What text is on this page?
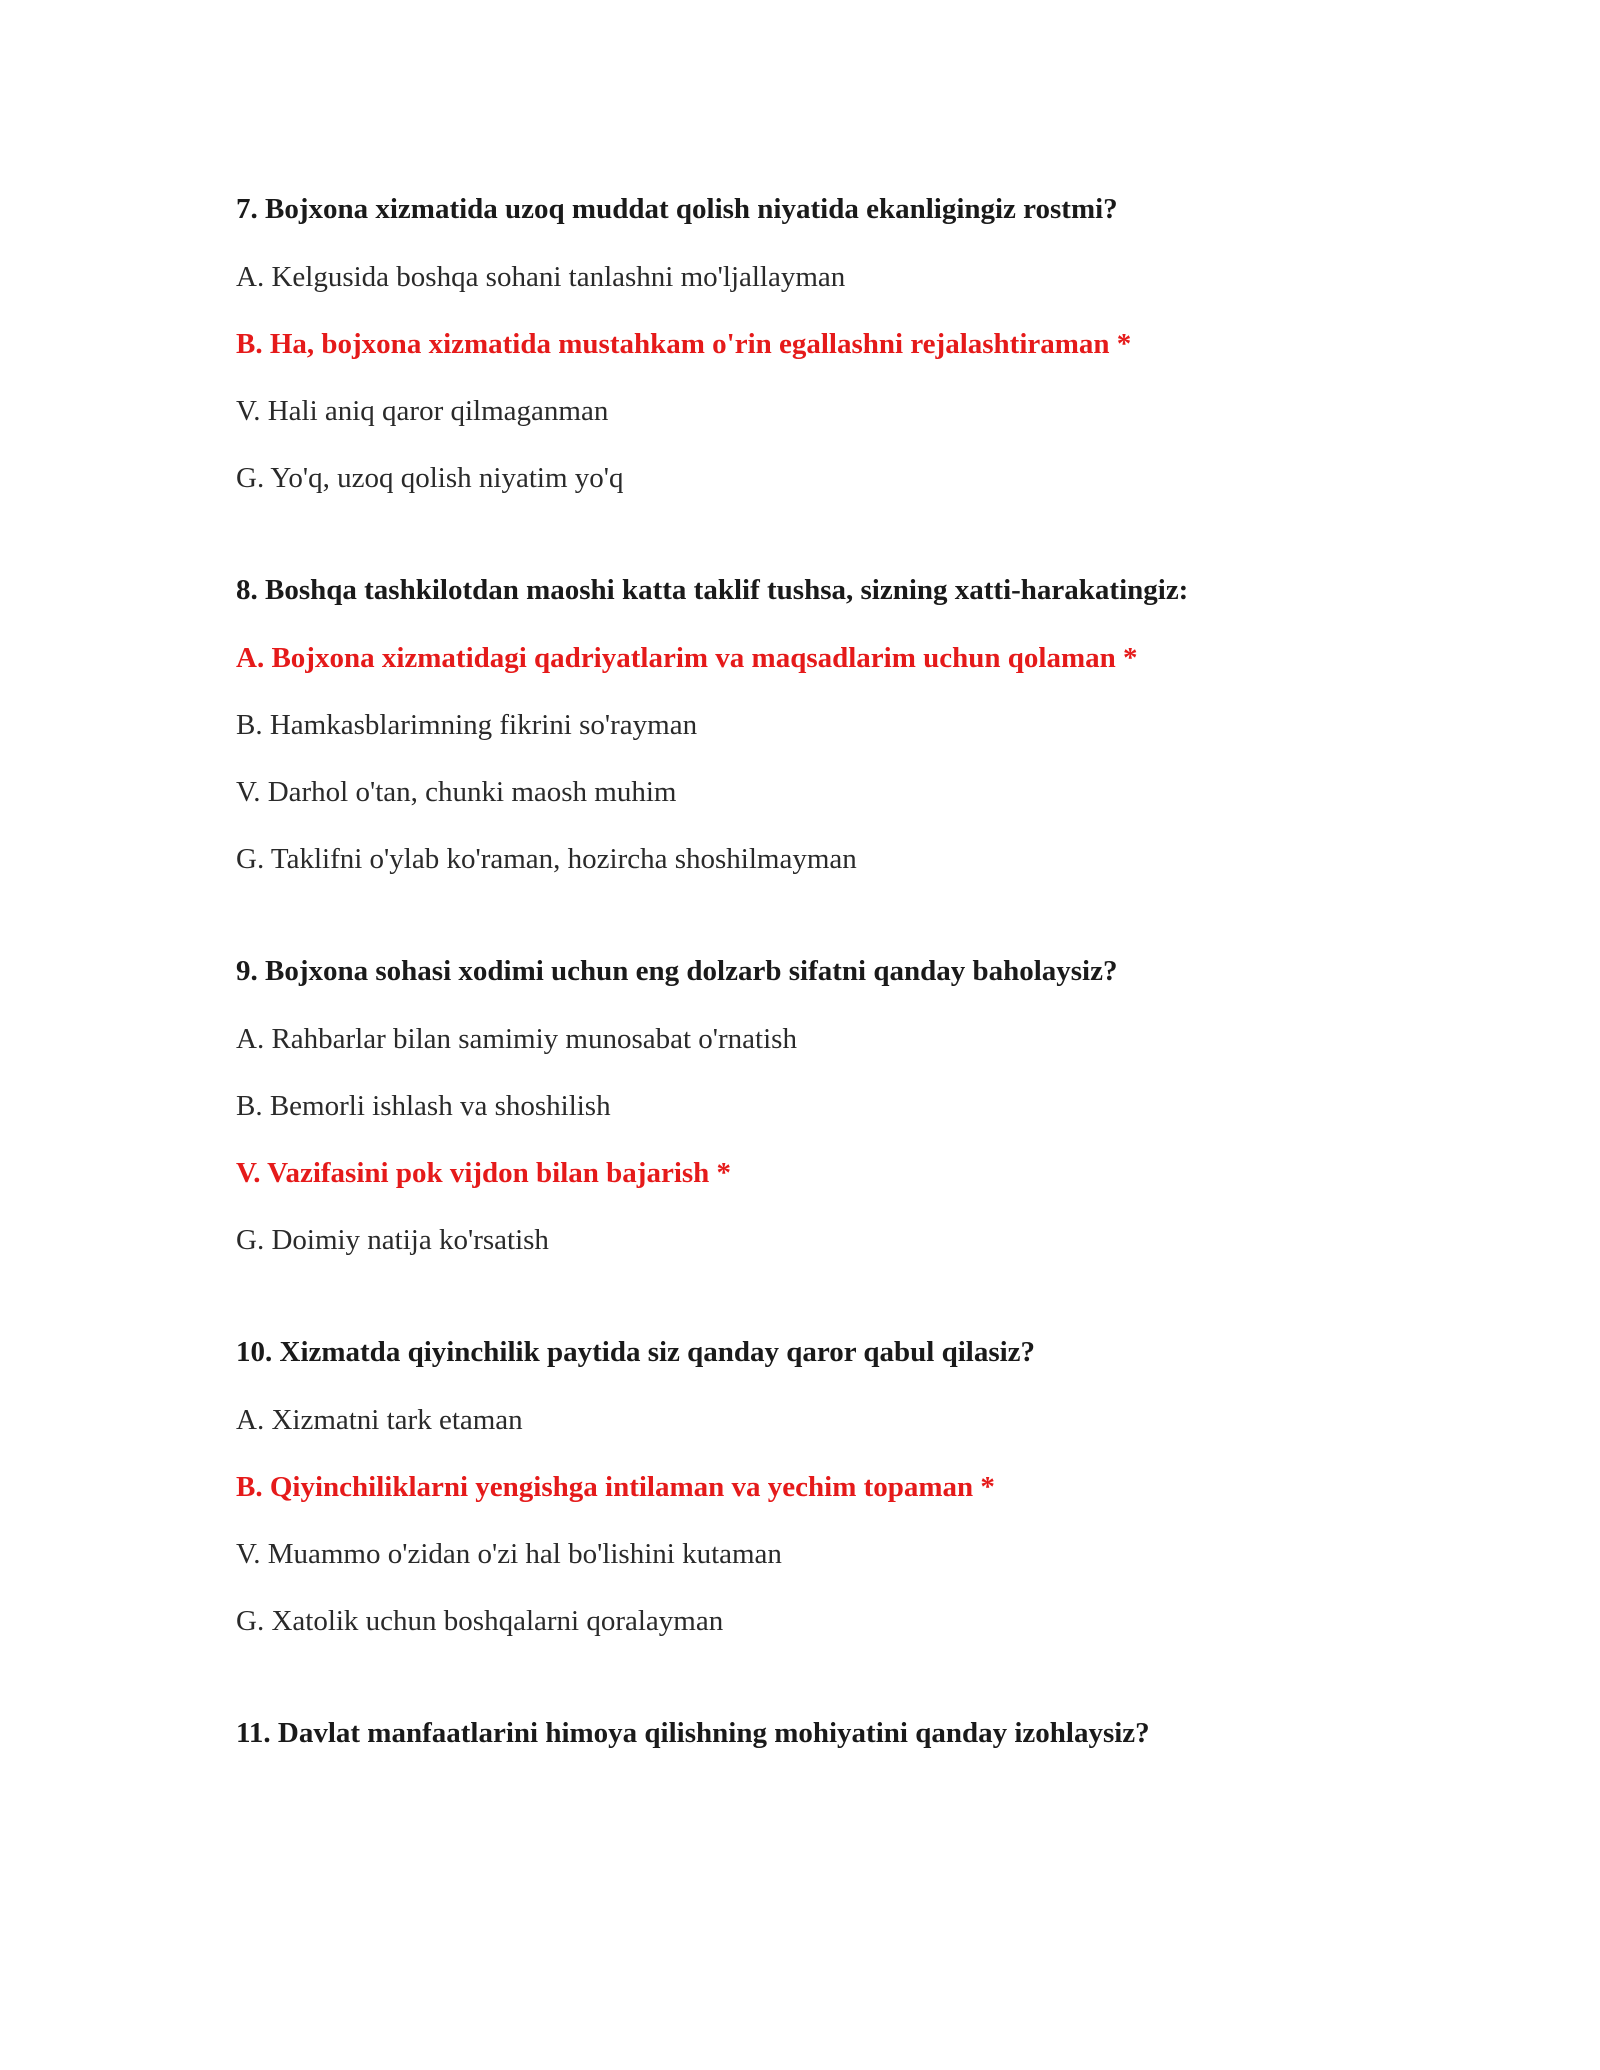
7. Bojxona xizmatida uzoq muddat qolish niyatida ekanligingiz rostmi?
A. Kelgusida boshqa sohani tanlashni mo'ljallayman
B. Ha, bojxona xizmatida mustahkam o'rin egallashni rejalashtiraman *
V. Hali aniq qaror qilmaganman
G. Yo'q, uzoq qolish niyatim yo'q
8. Boshqa tashkilotdan maoshi katta taklif tushsa, sizning xatti-harakatingiz:
A. Bojxona xizmatidagi qadriyatlarim va maqsadlarim uchun qolaman *
B. Hamkasblarimning fikrini so'rayman
V. Darhol o'tan, chunki maosh muhim
G. Taklifni o'ylab ko'raman, hozircha shoshilmayman
9. Bojxona sohasi xodimi uchun eng dolzarb sifatni qanday baholaysiz?
A. Rahbarlar bilan samimiy munosabat o'rnatish
B. Bemorli ishlash va shoshilish
V. Vazifasini pok vijdon bilan bajarish *
G. Doimiy natija ko'rsatish
10. Xizmatda qiyinchilik paytida siz qanday qaror qabul qilasiz?
A. Xizmatni tark etaman
B. Qiyinchiliklarni yengishga intilaman va yechim topaman *
V. Muammo o'zidan o'zi hal bo'lishini kutaman
G. Xatolik uchun boshqalarni qoralayman
11. Davlat manfaatlarini himoya qilishning mohiyatini qanday izohlaysiz?
